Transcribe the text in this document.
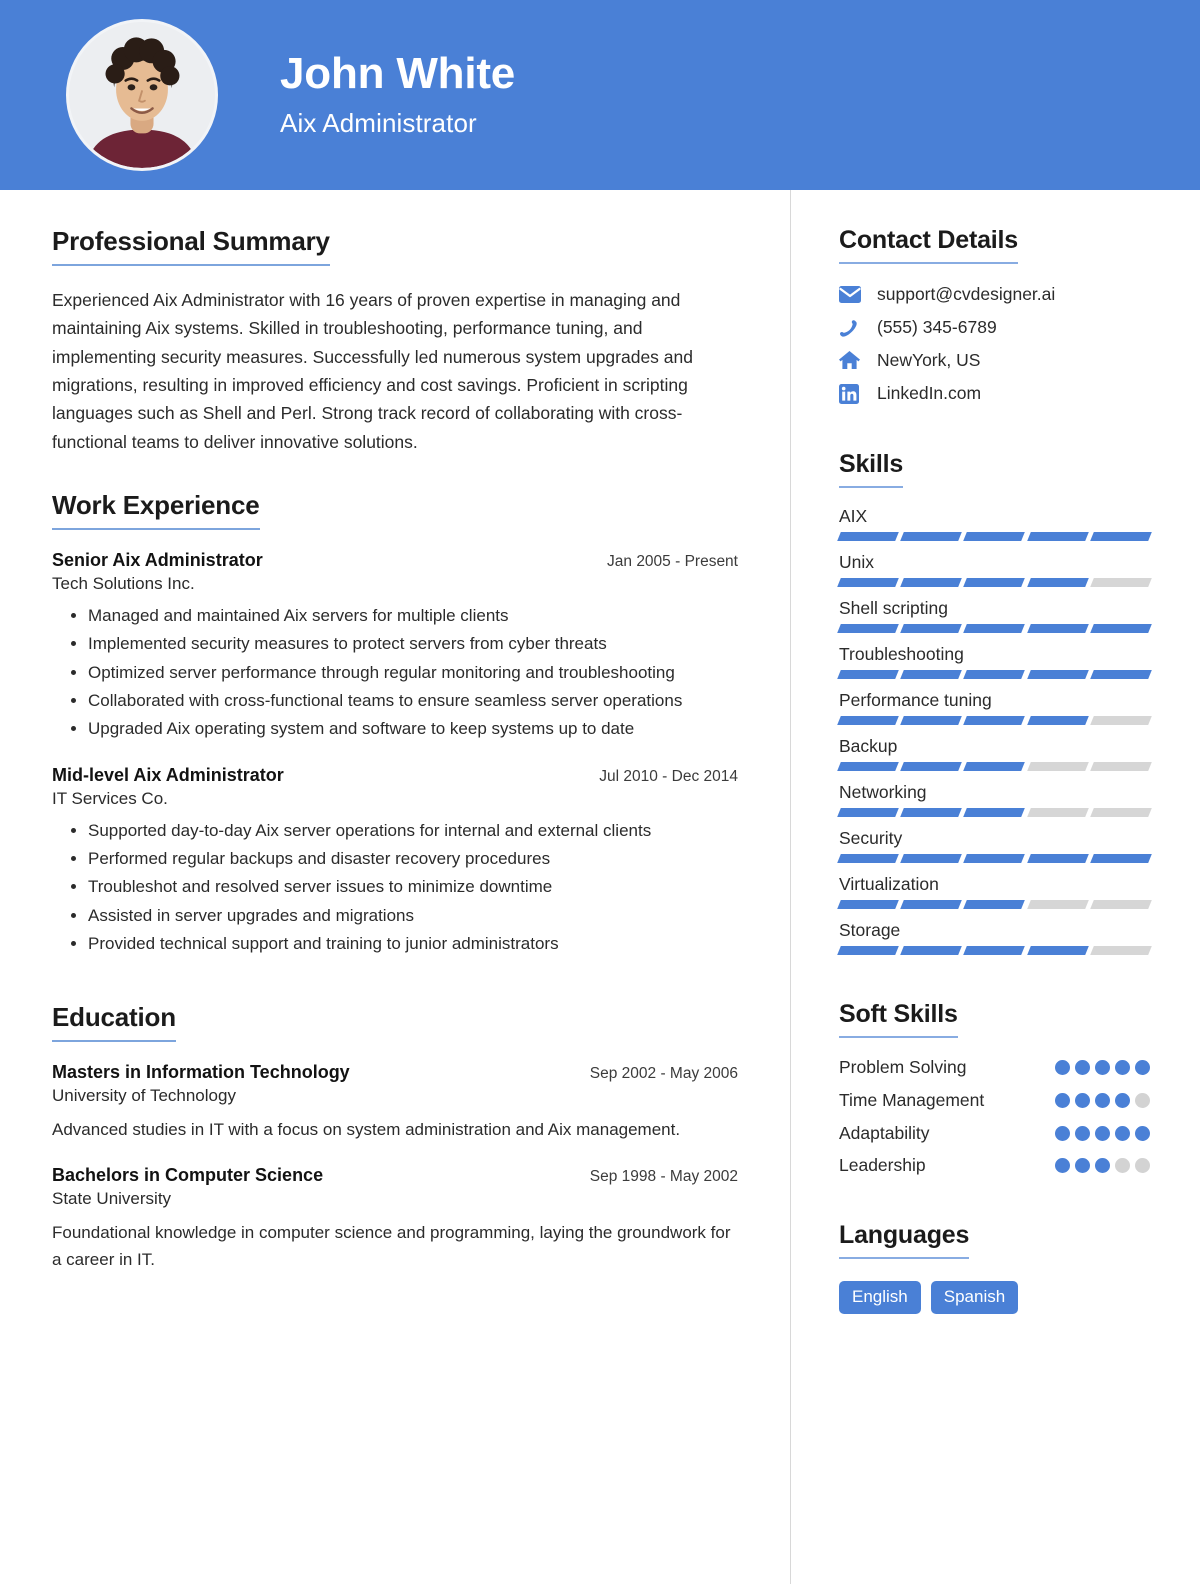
John White
Aix Administrator
Professional Summary

Experienced Aix Administrator with 16 years of proven expertise in managing and maintaining Aix systems. Skilled in troubleshooting, performance tuning, and implementing security measures. Successfully led numerous system upgrades and migrations, resulting in improved efficiency and cost savings. Proficient in scripting languages such as Shell and Perl. Strong track record of collaborating with cross-functional teams to deliver innovative solutions.

Work Experience
Senior Aix Administrator	Jan 2005 - Present
Tech Solutions Inc.
• Managed and maintained Aix servers for multiple clients
• Implemented security measures to protect servers from cyber threats
• Optimized server performance through regular monitoring and troubleshooting
• Collaborated with cross-functional teams to ensure seamless server operations
• Upgraded Aix operating system and software to keep systems up to date
Mid-level Aix Administrator	Jul 2010 - Dec 2014
IT Services Co.
• Supported day-to-day Aix server operations for internal and external clients
• Performed regular backups and disaster recovery procedures
• Troubleshot and resolved server issues to minimize downtime
• Assisted in server upgrades and migrations
• Provided technical support and training to junior administrators
Education
Masters in Information Technology	Sep 2002 - May 2006
University of Technology
Advanced studies in IT with a focus on system administration and Aix management.
Bachelors in Computer Science	Sep 1998 - May 2002
State University
Foundational knowledge in computer science and programming, laying the groundwork for a career in IT.
Contact Details
support@cvdesigner.ai
(555) 345-6789
NewYork, US
LinkedIn.com
Skills
AIX
Unix
Shell scripting
Troubleshooting
Performance tuning
Backup
Networking
Security
Virtualization
Storage
Soft Skills
Problem Solving
Time Management
Adaptability
Leadership
Languages
English	Spanish
